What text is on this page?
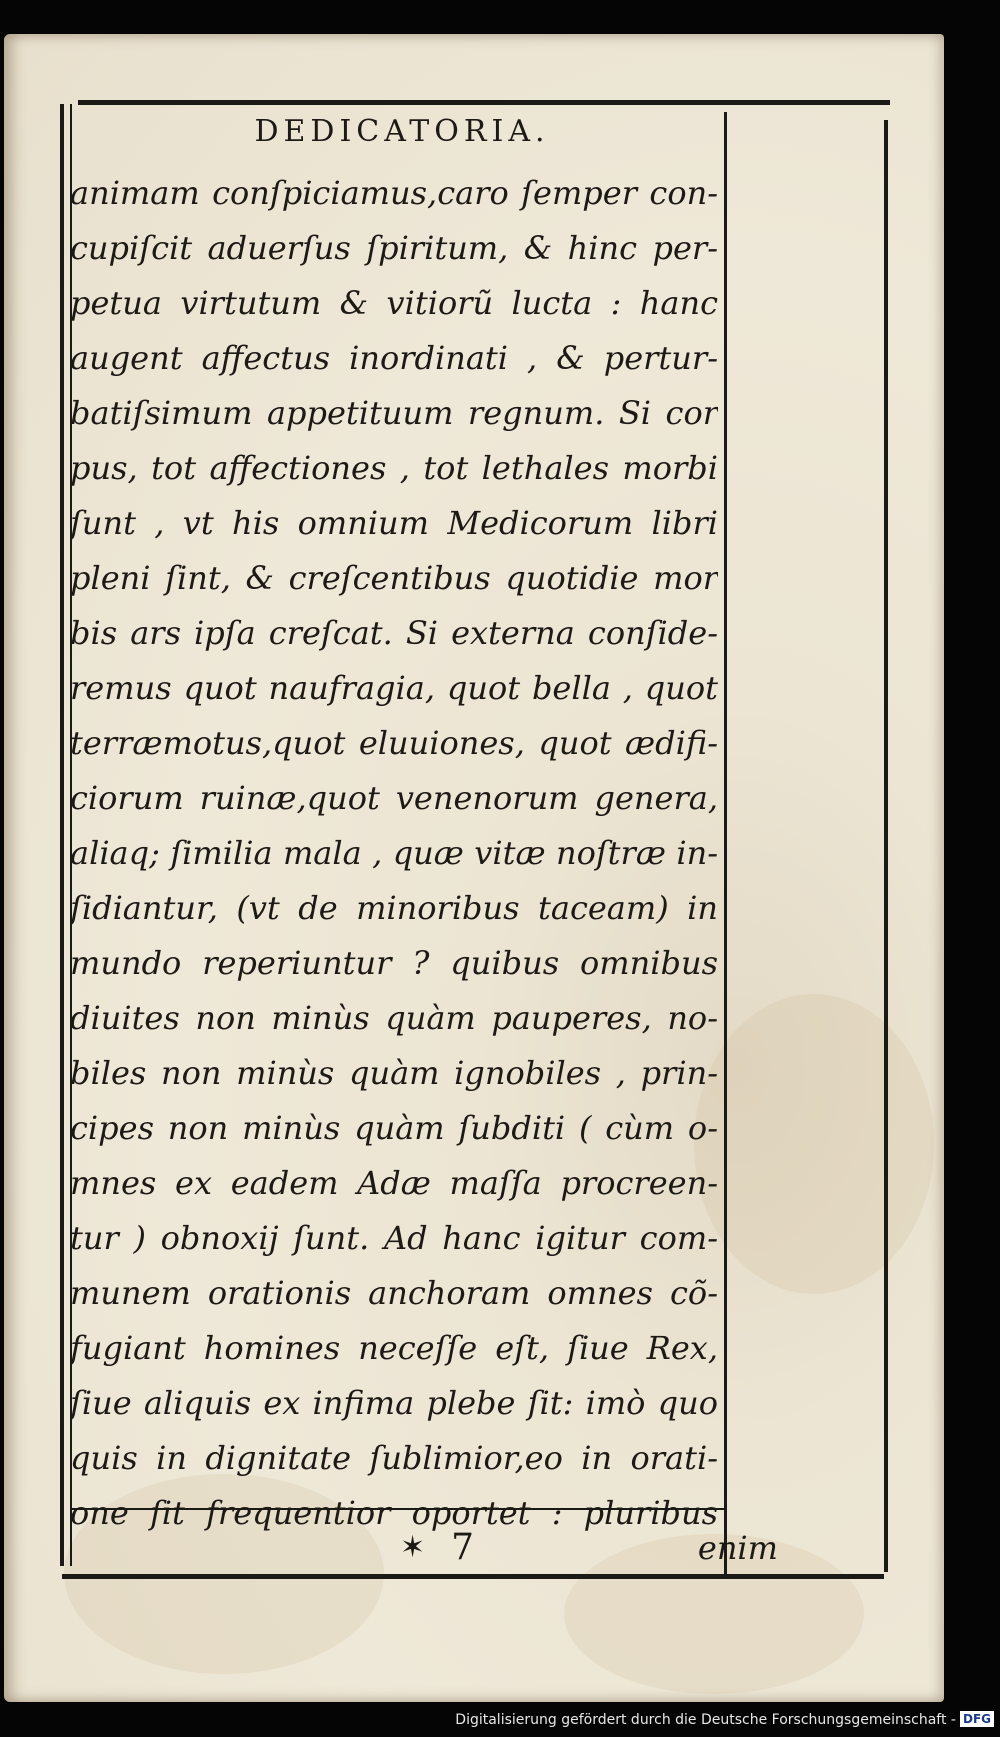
DEDICATORIA.
animam conſpiciamus,caro ſemper con-
cupiſcit aduerſus ſpiritum, & hinc per-
petua virtutum & vitiorũ lucta : hanc
augent affectus inordinati , & pertur-
batiſsimum appetituum regnum. Si cor
pus, tot affectiones , tot lethales morbi
ſunt , vt his omnium Medicorum libri
pleni ſint, & creſcentibus quotidie mor
bis ars ipſa creſcat. Si externa conſide-
remus quot naufragia, quot bella , quot
terræmotus,quot eluuiones, quot ædifi-
ciorum ruinæ,quot venenorum genera,
aliaq; ſimilia mala , quæ vitæ noſtræ in-
ſidiantur, (vt de minoribus taceam) in
mundo reperiuntur ? quibus omnibus
diuites non minùs quàm pauperes, no-
biles non minùs quàm ignobiles , prin-
cipes non minùs quàm ſubditi ( cùm o-
mnes ex eadem Adæ maſſa procreen-
tur ) obnoxij ſunt. Ad hanc igitur com-
munem orationis anchoram omnes cõ-
fugiant homines neceſſe eſt, ſiue Rex,
ſiue aliquis ex infima plebe ſit: imò quo
quis in dignitate ſublimior,eo in orati-
one ſit frequentior oportet : pluribus
✶ 7	enim
Digitalisierung gefördert durch die Deutsche Forschungsgemeinschaft - DFG
